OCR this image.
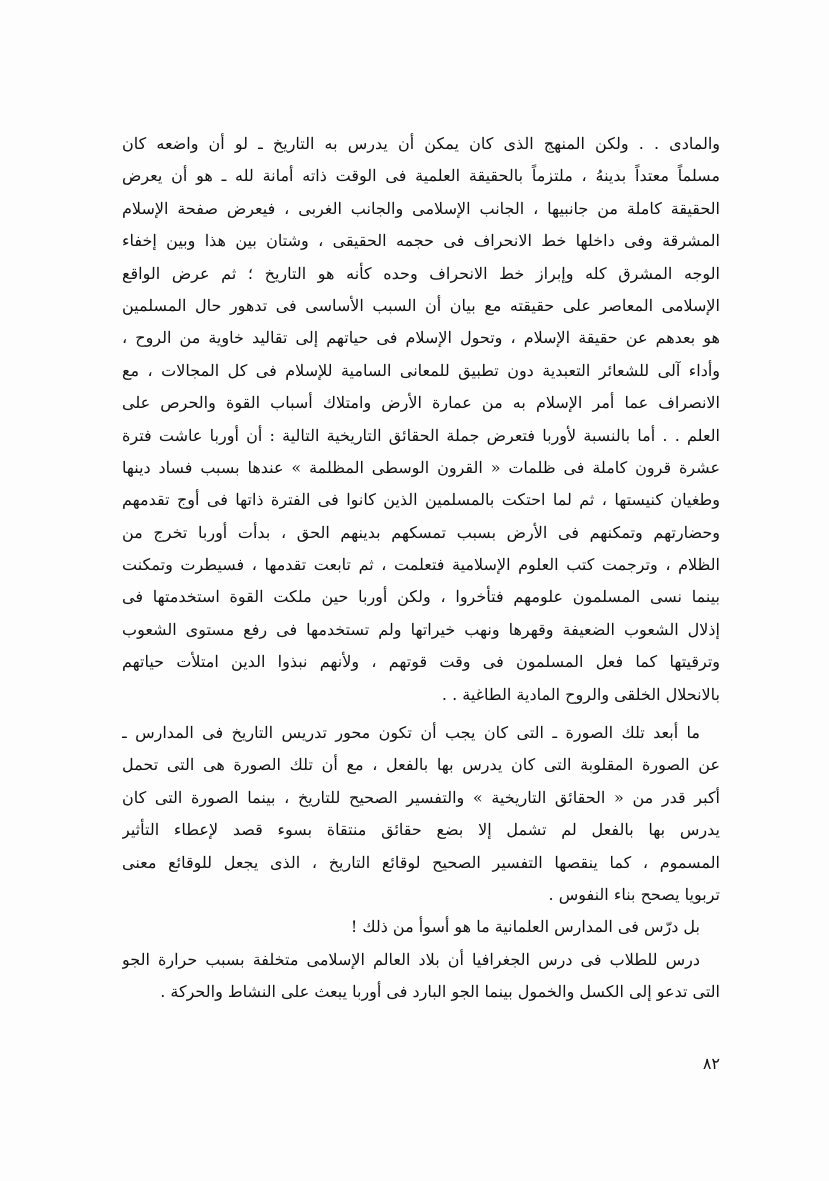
والمادى . . ولكن المنهج الذى كان يمكن أن يدرس به التاريخ ـ لو أن واضعه كان
مسلماً معتداً بدينهُ ، ملتزماً بالحقيقة العلمية فى الوقت ذاته أمانة لله ـ هو أن يعرض
الحقيقة كاملة من جانبيها ، الجانب الإسلامى والجانب الغربى ، فيعرض صفحة الإسلام
المشرقة وفى داخلها خط الانحراف فى حجمه الحقيقى ، وشتان بين هذا وبين إخفاء
الوجه المشرق كله وإبراز خط الانحراف وحده كأنه هو التاريخ ؛ ثم عرض الواقع
الإسلامى المعاصر على حقيقته مع بيان أن السبب الأساسى فى تدهور حال المسلمين
هو بعدهم عن حقيقة الإسلام ، وتحول الإسلام فى حياتهم إلى تقاليد خاوية من الروح ،
وأداء آلى للشعائر التعبدية دون تطبيق للمعانى السامية للإسلام فى كل المجالات ، مع
الانصراف عما أمر الإسلام به من عمارة الأرض وامتلاك أسباب القوة والحرص على
العلم . . أما بالنسبة لأوربا فتعرض جملة الحقائق التاريخية التالية : أن أوربا عاشت فترة
عشرة قرون كاملة فى ظلمات « القرون الوسطى المظلمة » عندها بسبب فساد دينها
وطغيان كنيستها ، ثم لما احتكت بالمسلمين الذين كانوا فى الفترة ذاتها فى أوج تقدمهم
وحضارتهم وتمكنهم فى الأرض بسبب تمسكهم بدينهم الحق ، بدأت أوربا تخرج من
الظلام ، وترجمت كتب العلوم الإسلامية فتعلمت ، ثم تابعت تقدمها ، فسيطرت وتمكنت
بينما نسى المسلمون علومهم فتأخروا ، ولكن أوربا حين ملكت القوة استخدمتها فى
إذلال الشعوب الضعيفة وقهرها ونهب خيراتها ولم تستخدمها فى رفع مستوى الشعوب
وترقيتها كما فعل المسلمون فى وقت قوتهم ، ولأنهم نبذوا الدين امتلأت حياتهم
بالانحلال الخلقى والروح المادية الطاغية . .
ما أبعد تلك الصورة ـ التى كان يجب أن تكون محور تدريس التاريخ فى المدارس ـ
عن الصورة المقلوبة التى كان يدرس بها بالفعل ، مع أن تلك الصورة هى التى تحمل
أكبر قدر من « الحقائق التاريخية » والتفسير الصحيح للتاريخ ، بينما الصورة التى كان
يدرس بها بالفعل لم تشمل إلا بضع حقائق منتقاة بسوء قصد لإعطاء التأثير
المسموم ، كما ينقصها التفسير الصحيح لوقائع التاريخ ، الذى يجعل للوقائع معنى
تربويا يصحح بناء النفوس .
بل درّس فى المدارس العلمانية ما هو أسوأ من ذلك !
درس للطلاب فى درس الجغرافيا أن بلاد العالم الإسلامى متخلفة بسبب حرارة الجو
التى تدعو إلى الكسل والخمول بينما الجو البارد فى أوربا يبعث على النشاط والحركة .
٨٢
